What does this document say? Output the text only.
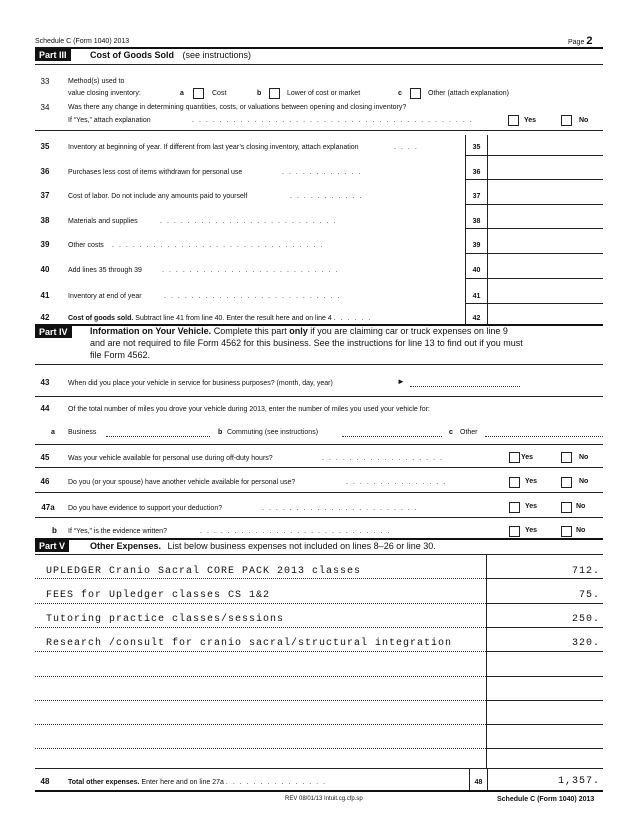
Schedule C (Form 1040) 2013	Page 2
Part III	Cost of Goods Sold (see instructions)
33	Method(s) used to
value closing inventory:	a	Cost	b	Lower of cost or market	c	Other (attach explanation)
34	Was there any change in determining quantities, costs, or valuations between opening and closing inventory?
If “Yes,” attach explanation	.........................................	Yes	No
35	Inventory at beginning of year. If different from last year’s closing inventory, attach explanation	....
36	Purchases less cost of items withdrawn for personal use	............
37	Cost of labor. Do not include any amounts paid to yourself	...........
38	Materials and supplies	..........................
39	Other costs ...............................
40	Add lines 35 through 39	..........................
41	Inventory at end of year	..........................
42	Cost of goods sold. Subtract line 41 from line 40. Enter the result here and on line 4 ......
35
36
37
38
39
40
41
42
Part IV	Information on Your Vehicle. Complete this part only if you are claiming car or truck expenses on line 9
and are not required to file Form 4562 for this business. See the instructions for line 13 to find out if you must
file Form 4562.
43	When did you place your vehicle in service for business purposes? (month, day, year)	►
44	Of the total number of miles you drove your vehicle during 2013, enter the number of miles you used your vehicle for:
a Business	b Commuting (see instructions)	c Other
45	Was your vehicle available for personal use during off-duty hours?	..................	Yes	No
46	Do you (or your spouse) have another vehicle available for personal use?	...............	Yes	No
47a	Do you have evidence to support your deduction?	.......................	Yes	No
b If “Yes,” is the evidence written?	............................	Yes	No
Part V	Other Expenses. List below business expenses not included on lines 8–26 or line 30.
UPLEDGER Cranio Sacral CORE PACK 2013 classes	712.
FEES for Upledger classes CS 1&2	75.
Tutoring practice classes/sessions	250.
Research /consult for cranio sacral/structural integration	320.
48	Total other expenses. Enter here and on line 27a ...............	48	1,357.
REV 08/01/13 Intuit.cg.cfp.sp	Schedule C (Form 1040) 2013
